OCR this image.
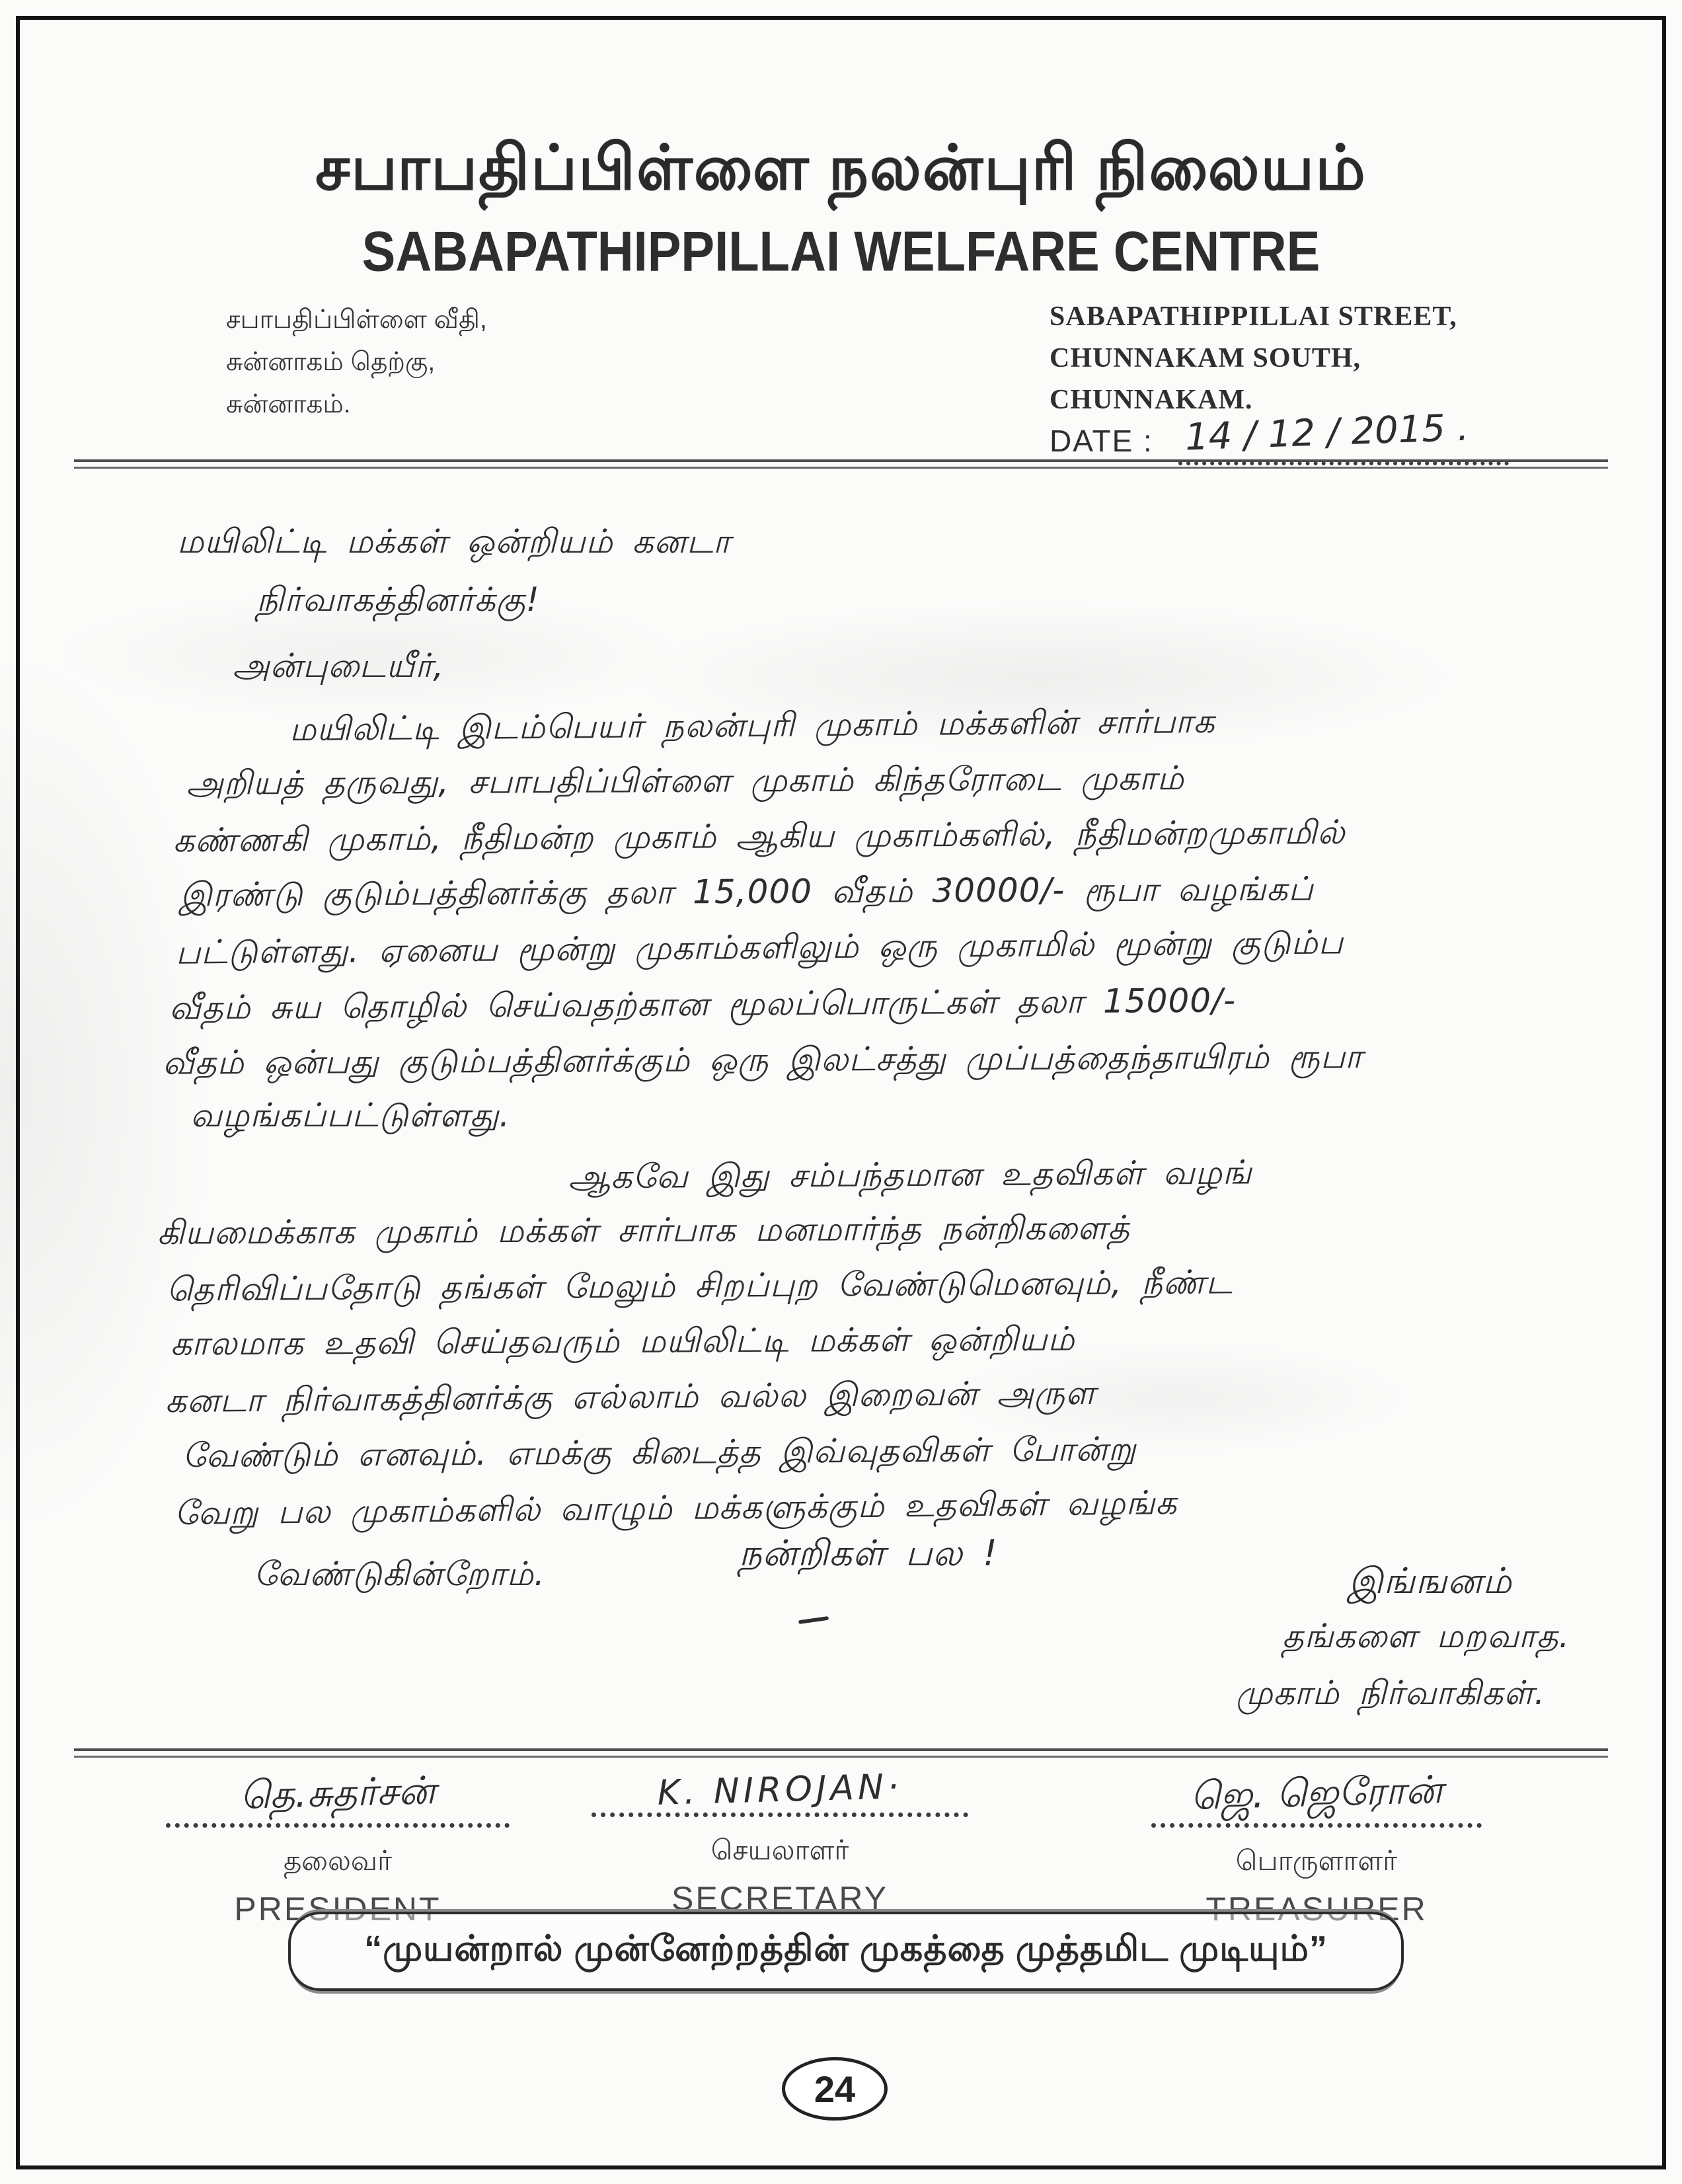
சபாபதிப்பிள்ளை நலன்புரி நிலையம்
SABAPATHIPPILLAI WELFARE CENTRE
சபாபதிப்பிள்ளை வீதி,
சுன்னாகம் தெற்கு,
சுன்னாகம்.
SABAPATHIPPILLAI STREET,
CHUNNAKAM SOUTH,
CHUNNAKAM.
DATE : 14 / 12 / 2015 .
மயிலிட்டி மக்கள் ஒன்றியம் கனடா
நிர்வாகத்தினர்க்கு!
அன்புடையீர்,
மயிலிட்டி இடம்பெயர் நலன்புரி முகாம் மக்களின் சார்பாக
அறியத் தருவது, சபாபதிப்பிள்ளை முகாம் கிந்தரோடை முகாம்
கண்ணகி முகாம், நீதிமன்ற முகாம் ஆகிய முகாம்களில், நீதிமன்றமுகாமில்
இரண்டு குடும்பத்தினர்க்கு தலா 15,000 வீதம் 30000/- ரூபா வழங்கப்
பட்டுள்ளது. ஏனைய மூன்று முகாம்களிலும் ஒரு முகாமில் மூன்று குடும்ப
வீதம் சுய தொழில் செய்வதற்கான மூலப்பொருட்கள் தலா 15000/-
வீதம் ஒன்பது குடும்பத்தினர்க்கும் ஒரு இலட்சத்து முப்பத்தைந்தாயிரம் ரூபா
வழங்கப்பட்டுள்ளது.
ஆகவே இது சம்பந்தமான உதவிகள் வழங்
கியமைக்காக முகாம் மக்கள் சார்பாக மனமார்ந்த நன்றிகளைத்
தெரிவிப்பதோடு தங்கள் மேலும் சிறப்புற வேண்டுமெனவும், நீண்ட
காலமாக உதவி செய்தவரும் மயிலிட்டி மக்கள் ஒன்றியம்
கனடா நிர்வாகத்தினர்க்கு எல்லாம் வல்ல இறைவன் அருள
வேண்டும் எனவும். எமக்கு கிடைத்த இவ்வுதவிகள் போன்று
வேறு பல முகாம்களில் வாழும் மக்களுக்கும் உதவிகள் வழங்க
வேண்டுகின்றோம்.	நன்றிகள் பல !
இங்ஙனம்
தங்களை மறவாத.
முகாம் நிர்வாகிகள்.
தெ.சுதர்சன்
தலைவர்
PRESIDENT
K. NIROJAN·
செயலாளர்
SECRETARY
ஜெ. ஜெரோன்
பொருளாளர்
TREASURER
“முயன்றால் முன்னேற்றத்தின் முகத்தை முத்தமிட முடியும்”
24
